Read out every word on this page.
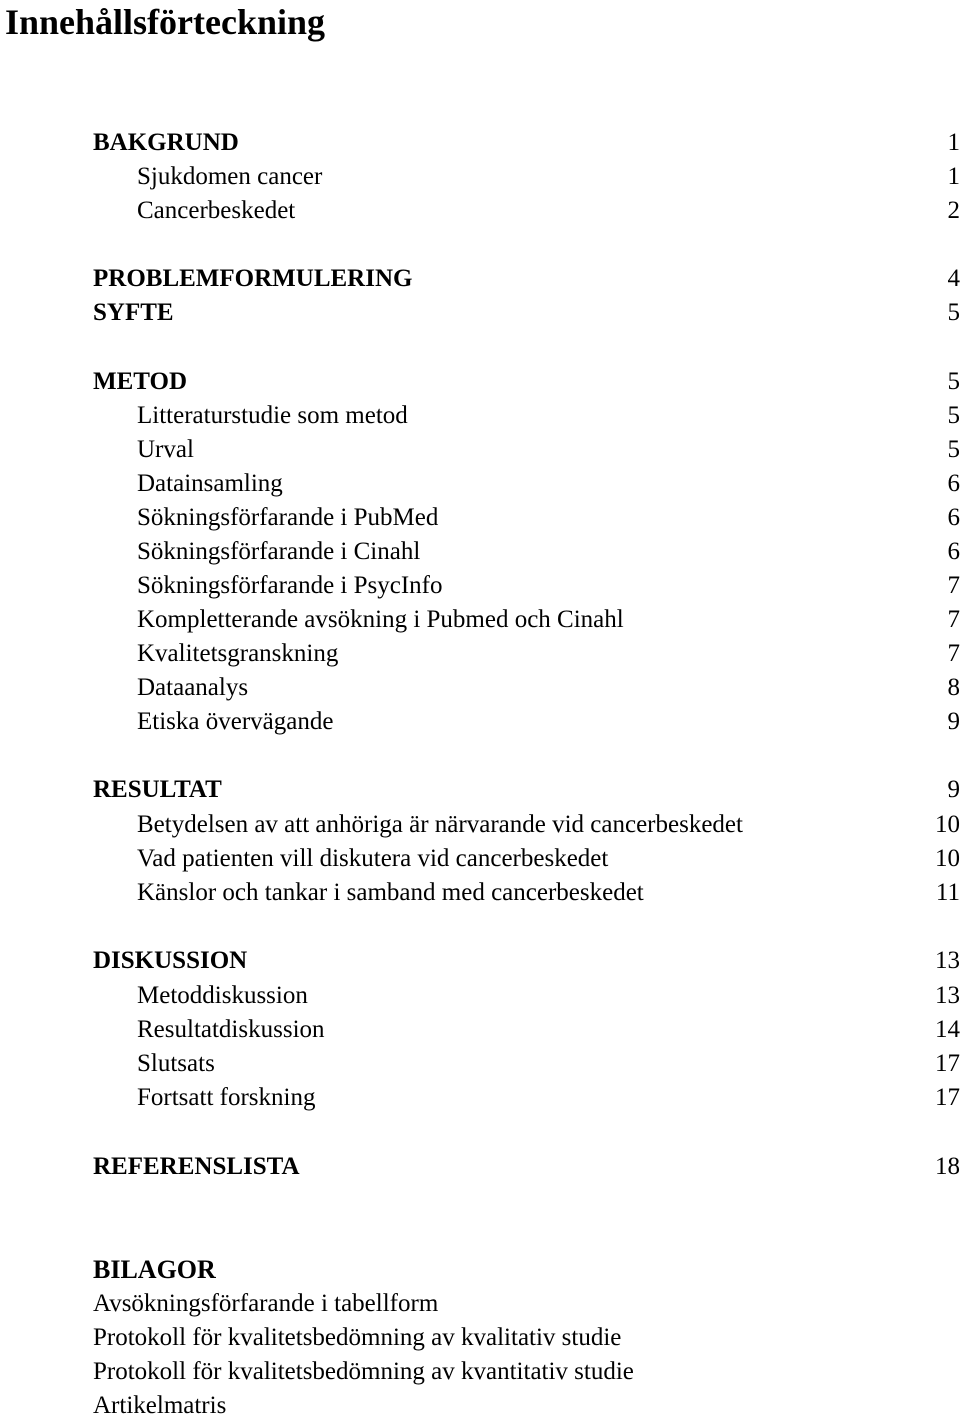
Innehållsförteckning
BAKGRUND	1
Sjukdomen cancer	1
Cancerbeskedet	2
PROBLEMFORMULERING	4
SYFTE	5
METOD	5
Litteraturstudie som metod	5
Urval	5
Datainsamling	6
Sökningsförfarande i PubMed	6
Sökningsförfarande i Cinahl	6
Sökningsförfarande i PsycInfo	7
Kompletterande avsökning i Pubmed och Cinahl	7
Kvalitetsgranskning	7
Dataanalys	8
Etiska övervägande	9
RESULTAT	9
Betydelsen av att anhöriga är närvarande vid cancerbeskedet	10
Vad patienten vill diskutera vid cancerbeskedet	10
Känslor och tankar i samband med cancerbeskedet	11
DISKUSSION	13
Metoddiskussion	13
Resultatdiskussion	14
Slutsats	17
Fortsatt forskning	17
REFERENSLISTA	18
BILAGOR
Avsökningsförfarande i tabellform
Protokoll för kvalitetsbedömning av kvalitativ studie
Protokoll för kvalitetsbedömning av kvantitativ studie
Artikelmatris
